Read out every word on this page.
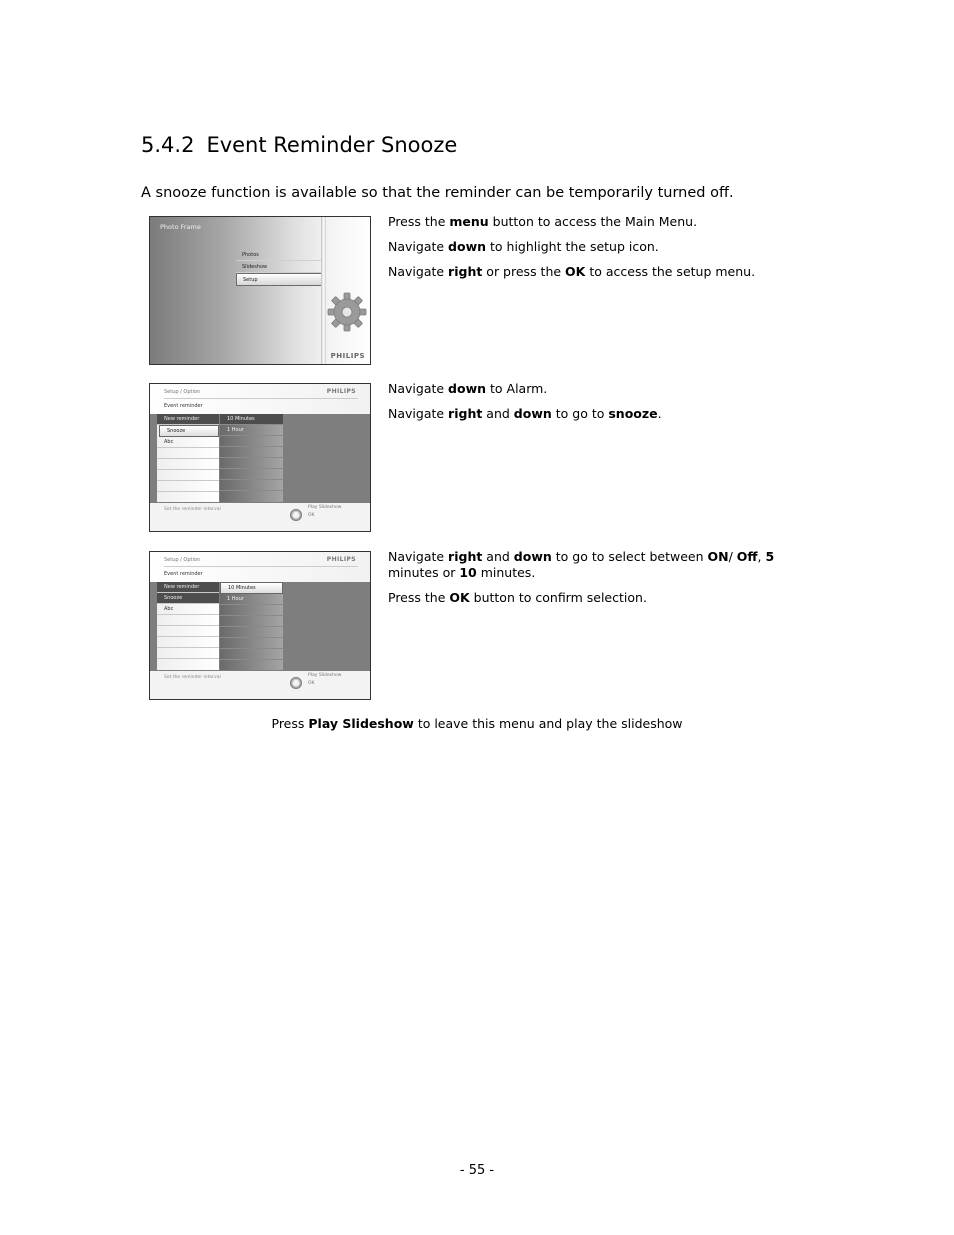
5.4.2 Event Reminder Snooze

A snooze function is available so that the reminder can be temporarily turned off.

Photo Frame
Photos
Slideshow
Setup
PHILIPS

Press the menu button to access the Main Menu.

Navigate down to highlight the setup icon.

Navigate right or press the OK to access the setup menu.

Setup / Option	PHILIPS
Event reminder
New reminder
Snooze
Abc
10 Minutes
1 Hour
Set the reminder interval	Play Slideshow
OK

Navigate down to Alarm.

Navigate right and down to go to snooze.

Setup / Option	PHILIPS
Event reminder
New reminder
Snooze
Abc
10 Minutes
1 Hour
Set the reminder interval	Play Slideshow
OK

Navigate right and down to go to select between ON/ Off, 5 minutes or 10 minutes.

Press the OK button to confirm selection.

Press Play Slideshow to leave this menu and play the slideshow
- 55 -
